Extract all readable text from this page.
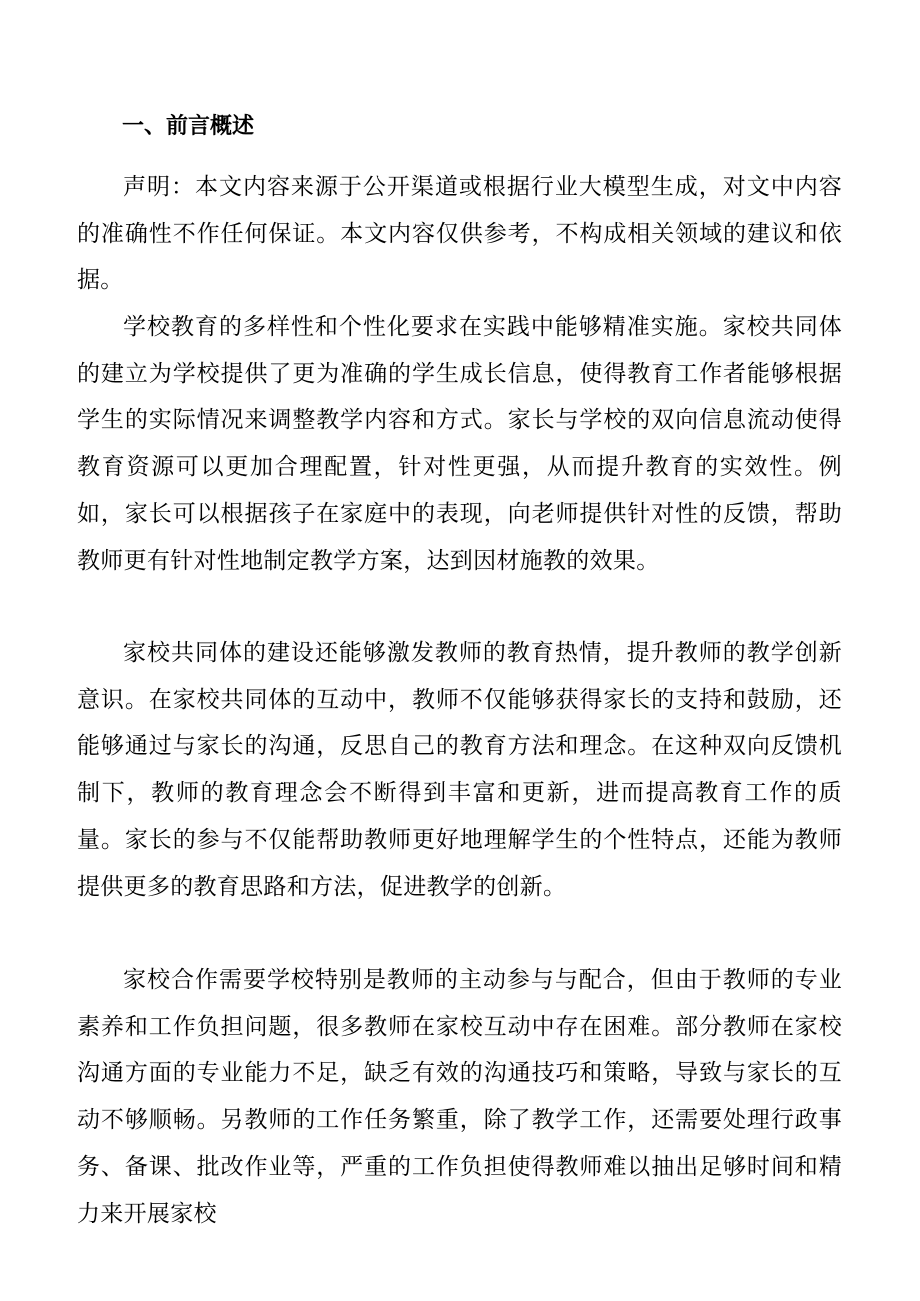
一、前言概述

声明：本文内容来源于公开渠道或根据行业大模型生成，对文中内容的准确性不作任何保证。本文内容仅供参考，不构成相关领域的建议和依据。

学校教育的多样性和个性化要求在实践中能够精准实施。家校共同体的建立为学校提供了更为准确的学生成长信息，使得教育工作者能够根据学生的实际情况来调整教学内容和方式。家长与学校的双向信息流动使得教育资源可以更加合理配置，针对性更强，从而提升教育的实效性。例如，家长可以根据孩子在家庭中的表现，向老师提供针对性的反馈，帮助教师更有针对性地制定教学方案，达到因材施教的效果。

家校共同体的建设还能够激发教师的教育热情，提升教师的教学创新意识。在家校共同体的互动中，教师不仅能够获得家长的支持和鼓励，还能够通过与家长的沟通，反思自己的教育方法和理念。在这种双向反馈机制下，教师的教育理念会不断得到丰富和更新，进而提高教育工作的质量。家长的参与不仅能帮助教师更好地理解学生的个性特点，还能为教师提供更多的教育思路和方法，促进教学的创新。

家校合作需要学校特别是教师的主动参与与配合，但由于教师的专业素养和工作负担问题，很多教师在家校互动中存在困难。部分教师在家校沟通方面的专业能力不足，缺乏有效的沟通技巧和策略，导致与家长的互动不够顺畅。另教师的工作任务繁重，除了教学工作，还需要处理行政事务、备课、批改作业等，严重的工作负担使得教师难以抽出足够时间和精力来开展家校
